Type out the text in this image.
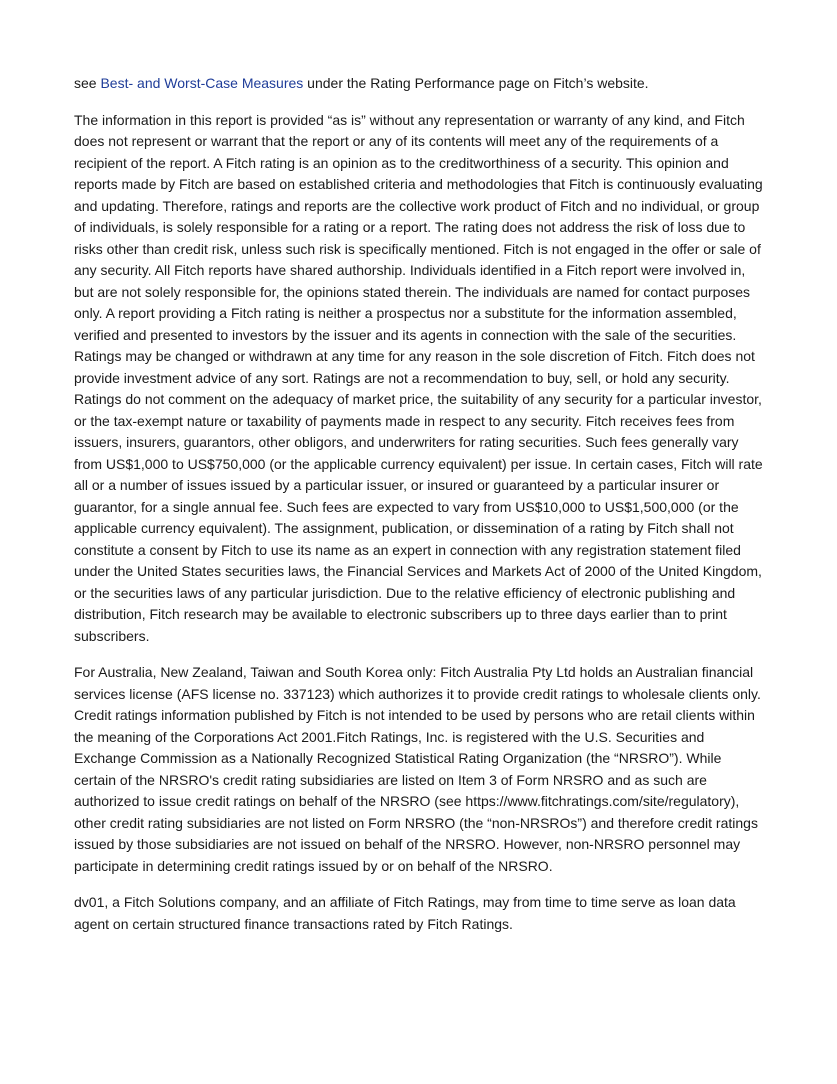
see Best- and Worst-Case Measures under the Rating Performance page on Fitch’s website.

The information in this report is provided “as is” without any representation or warranty of any kind, and Fitch does not represent or warrant that the report or any of its contents will meet any of the requirements of a recipient of the report. A Fitch rating is an opinion as to the creditworthiness of a security. This opinion and reports made by Fitch are based on established criteria and methodologies that Fitch is continuously evaluating and updating. Therefore, ratings and reports are the collective work product of Fitch and no individual, or group of individuals, is solely responsible for a rating or a report. The rating does not address the risk of loss due to risks other than credit risk, unless such risk is specifically mentioned. Fitch is not engaged in the offer or sale of any security. All Fitch reports have shared authorship. Individuals identified in a Fitch report were involved in, but are not solely responsible for, the opinions stated therein. The individuals are named for contact purposes only. A report providing a Fitch rating is neither a prospectus nor a substitute for the information assembled, verified and presented to investors by the issuer and its agents in connection with the sale of the securities. Ratings may be changed or withdrawn at any time for any reason in the sole discretion of Fitch. Fitch does not provide investment advice of any sort. Ratings are not a recommendation to buy, sell, or hold any security. Ratings do not comment on the adequacy of market price, the suitability of any security for a particular investor, or the tax-exempt nature or taxability of payments made in respect to any security. Fitch receives fees from issuers, insurers, guarantors, other obligors, and underwriters for rating securities. Such fees generally vary from US$1,000 to US$750,000 (or the applicable currency equivalent) per issue. In certain cases, Fitch will rate all or a number of issues issued by a particular issuer, or insured or guaranteed by a particular insurer or guarantor, for a single annual fee. Such fees are expected to vary from US$10,000 to US$1,500,000 (or the applicable currency equivalent). The assignment, publication, or dissemination of a rating by Fitch shall not constitute a consent by Fitch to use its name as an expert in connection with any registration statement filed under the United States securities laws, the Financial Services and Markets Act of 2000 of the United Kingdom, or the securities laws of any particular jurisdiction. Due to the relative efficiency of electronic publishing and distribution, Fitch research may be available to electronic subscribers up to three days earlier than to print subscribers.

For Australia, New Zealand, Taiwan and South Korea only: Fitch Australia Pty Ltd holds an Australian financial services license (AFS license no. 337123) which authorizes it to provide credit ratings to wholesale clients only. Credit ratings information published by Fitch is not intended to be used by persons who are retail clients within the meaning of the Corporations Act 2001.Fitch Ratings, Inc. is registered with the U.S. Securities and Exchange Commission as a Nationally Recognized Statistical Rating Organization (the “NRSRO”). While certain of the NRSRO's credit rating subsidiaries are listed on Item 3 of Form NRSRO and as such are authorized to issue credit ratings on behalf of the NRSRO (see https://www.fitchratings.com/site/regulatory), other credit rating subsidiaries are not listed on Form NRSRO (the “non-NRSROs”) and therefore credit ratings issued by those subsidiaries are not issued on behalf of the NRSRO. However, non-NRSRO personnel may participate in determining credit ratings issued by or on behalf of the NRSRO.

dv01, a Fitch Solutions company, and an affiliate of Fitch Ratings, may from time to time serve as loan data agent on certain structured finance transactions rated by Fitch Ratings.
